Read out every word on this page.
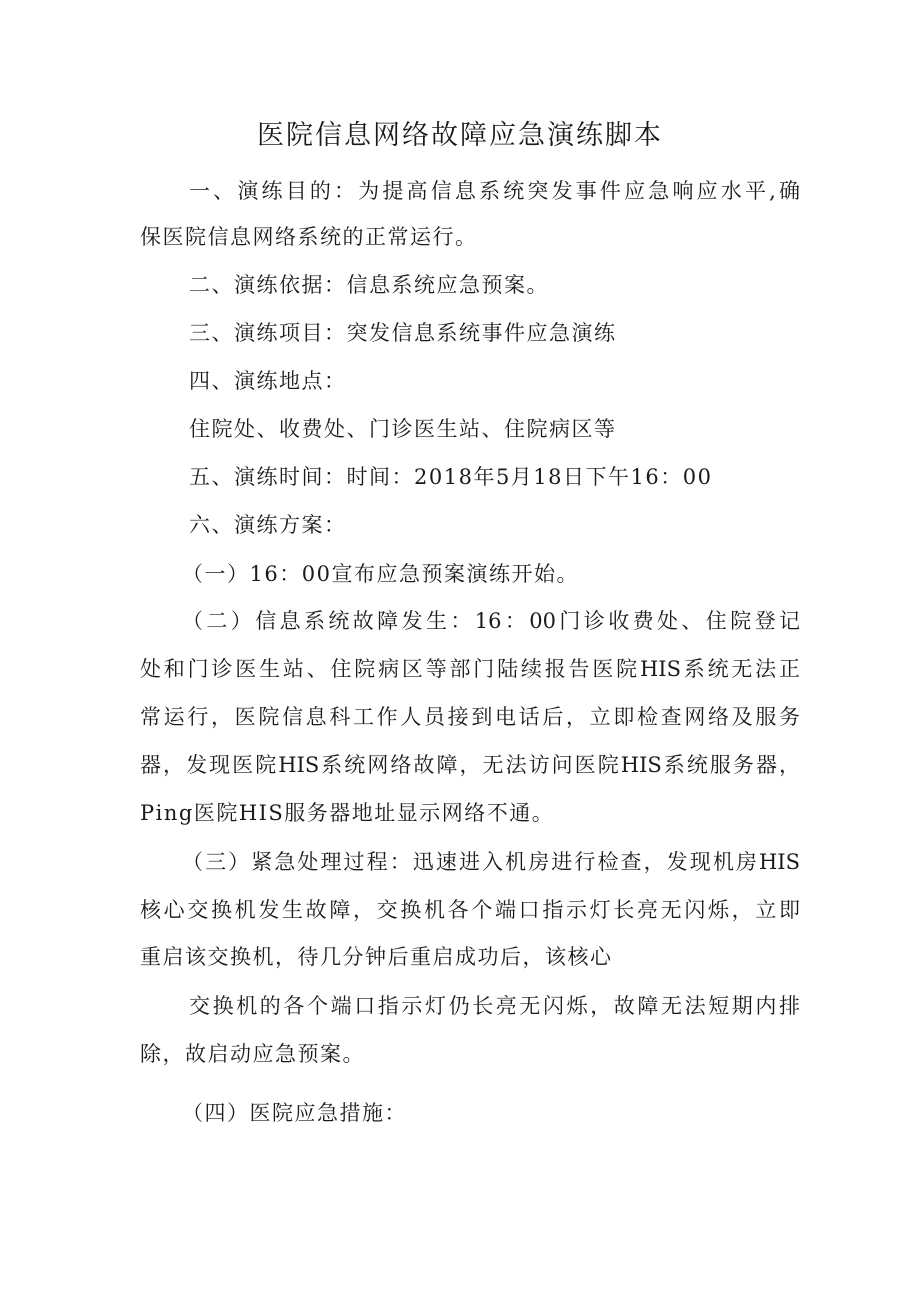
医院信息网络故障应急演练脚本
一、演练目的：为提高信息系统突发事件应急响应水平,确
保医院信息网络系统的正常运行。
二、演练依据：信息系统应急预案。
三、演练项目：突发信息系统事件应急演练
四、演练地点：
住院处、收费处、门诊医生站、住院病区等
五、演练时间：时间：2018年5月18日下午16：00
六、演练方案：
（一）16：00宣布应急预案演练开始。
（二）信息系统故障发生：16：00门诊收费处、住院登记
处和门诊医生站、住院病区等部门陆续报告医院HIS系统无法正
常运行，医院信息科工作人员接到电话后，立即检查网络及服务
器，发现医院HIS系统网络故障，无法访问医院HIS系统服务器，
Ping医院HIS服务器地址显示网络不通。
（三）紧急处理过程：迅速进入机房进行检查，发现机房HIS
核心交换机发生故障，交换机各个端口指示灯长亮无闪烁，立即
重启该交换机，待几分钟后重启成功后，该核心
交换机的各个端口指示灯仍长亮无闪烁，故障无法短期内排
除，故启动应急预案。
（四）医院应急措施：
